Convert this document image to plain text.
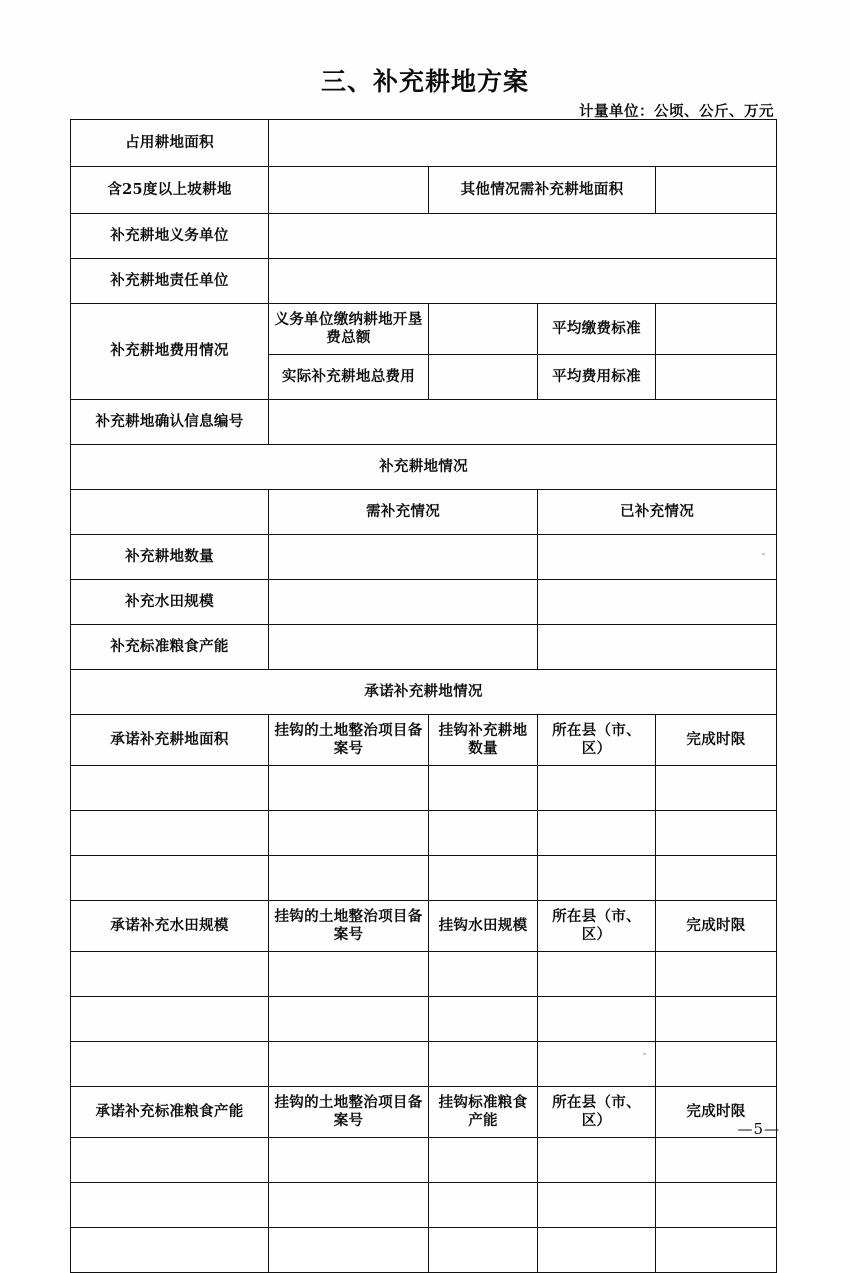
三、补充耕地方案
计量单位：公顷、公斤、万元
占用耕地面积				
含25度以上坡耕地		其他情况需补充耕地面积		
补充耕地义务单位				
补充耕地责任单位				
补充耕地费用情况	义务单位缴纳耕地开垦费总额		平均缴费标准	
	实际补充耕地总费用		平均费用标准	
补充耕地确认信息编号				
补充耕地情况				
	需补充情况		已补充情况	
补充耕地数量				
补充水田规模				
补充标准粮食产能				
承诺补充耕地情况				
承诺补充耕地面积	挂钩的土地整治项目备案号	挂钩补充耕地数量	所在县（市、区）	完成时限

承诺补充水田规模	挂钩的土地整治项目备案号	挂钩水田规模	所在县（市、区）	完成时限

承诺补充标准粮食产能	挂钩的土地整治项目备案号	挂钩标准粮食产能	所在县（市、区）	完成时限

—5—
